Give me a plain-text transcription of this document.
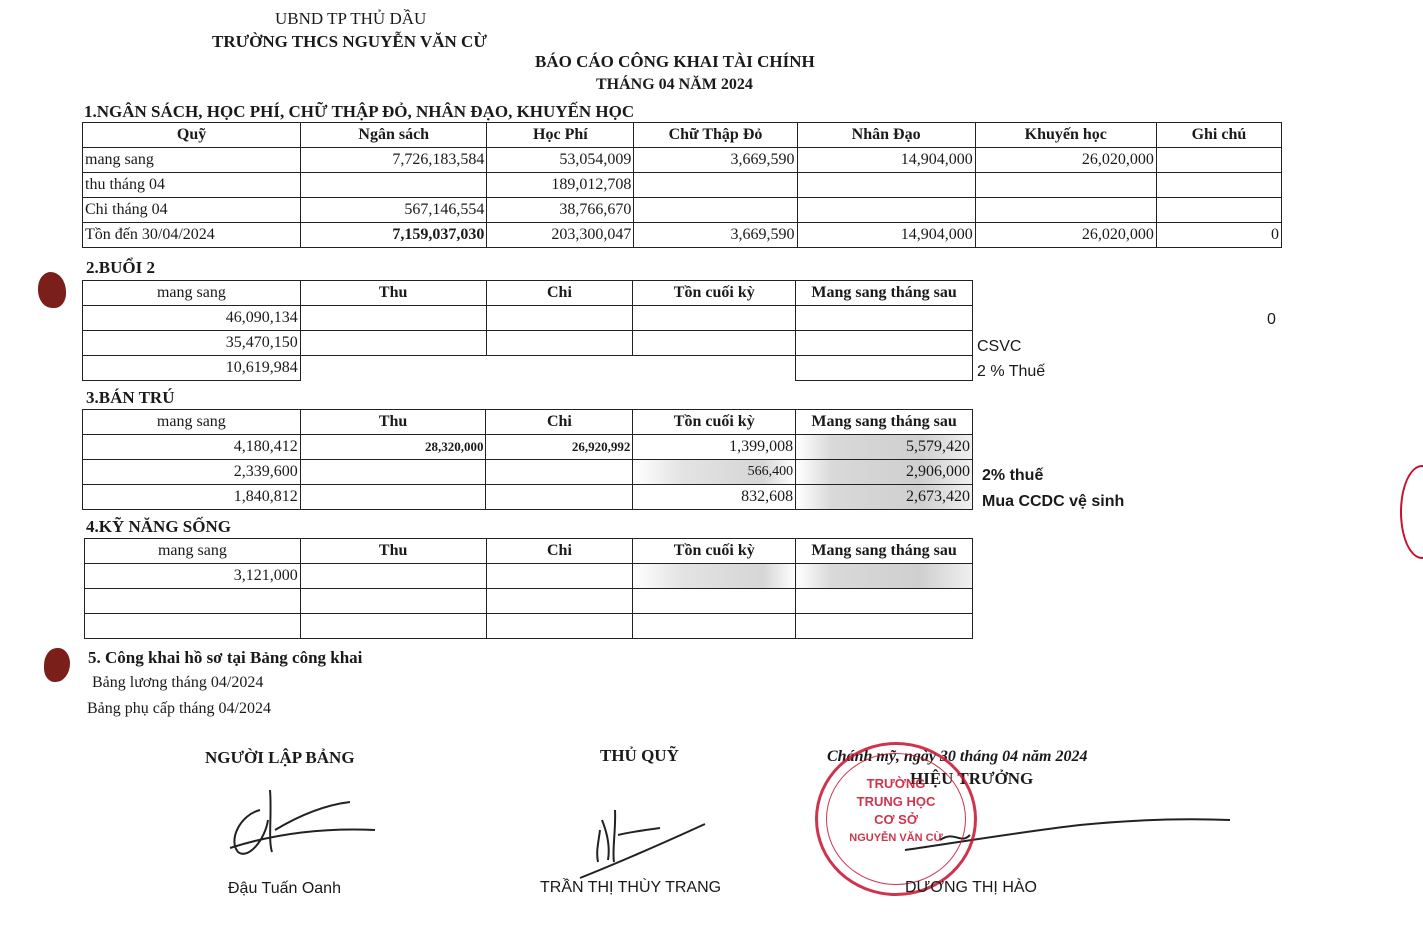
UBND TP THỦ DẦU
TRƯỜNG THCS NGUYỄN VĂN CỪ
BÁO CÁO CÔNG KHAI TÀI CHÍNH
THÁNG 04 NĂM 2024
1.NGÂN SÁCH, HỌC PHÍ, CHỮ THẬP ĐỎ, NHÂN ĐẠO, KHUYẾN HỌC
Quỹ	Ngân sách	Học Phí	Chữ Thập Đỏ	Nhân Đạo	Khuyến học	Ghi chú
mang sang	7,726,183,584	53,054,009	3,669,590	14,904,000	26,020,000	
thu tháng 04		189,012,708				
Chi tháng 04	567,146,554	38,766,670				
Tồn đến 30/04/2024	7,159,037,030	203,300,047	3,669,590	14,904,000	26,020,000	0
2.BUỔI 2
mang sang	Thu	Chi	Tồn cuối kỳ	Mang sang tháng sau
46,090,134				
35,470,150				
10,619,984				
0
CSVC
2 % Thuế
3.BÁN TRÚ
mang sang	Thu	Chi	Tồn cuối kỳ	Mang sang tháng sau
4,180,412	28,320,000	26,920,992	1,399,008	5,579,420
2,339,600			566,400	2,906,000
1,840,812			832,608	2,673,420
2% thuế
Mua CCDC vệ sinh
4.KỸ NĂNG SỐNG
mang sang	Thu	Chi	Tồn cuối kỳ	Mang sang tháng sau
3,121,000				

5. Công khai hồ sơ tại Bảng công khai
Bảng lương tháng 04/2024
Bảng phụ cấp tháng 04/2024
NGƯỜI LẬP BẢNG	THỦ QUỸ	Chánh mỹ, ngày 30 tháng 04 năm 2024
HIỆU TRƯỞNG
TRƯỜNG
TRUNG HỌC
CƠ SỞ
NGUYỄN VĂN CỪ
Đậu Tuấn Oanh	TRẦN THỊ THÙY TRANG	DƯƠNG THỊ HÀO
